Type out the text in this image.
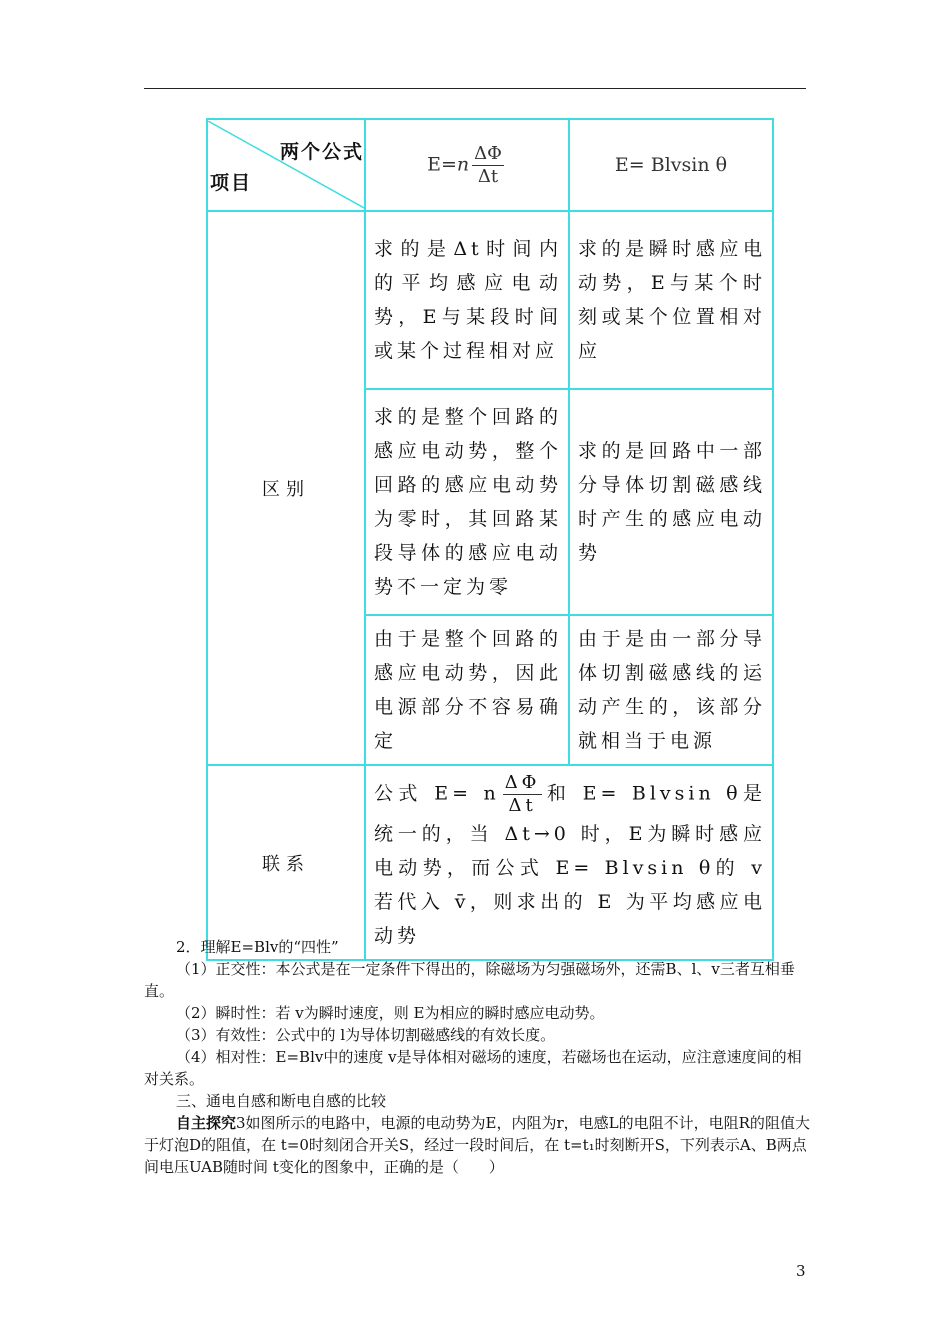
两个公式
项目	$E=n \frac{\Delta\Phi}{\Delta t}$	E= Blvsin θ
区别	求的是Δt时间内的平均感应电动势，E与某段时间或某个过程相对应	求的是瞬时感应电动势，E与某个时刻或某个位置相对应
	求的是整个回路的感应电动势，整个回路的感应电动势为零时，其回路某段导体的感应电动势不一定为零	求的是回路中一部分导体切割磁感线时产生的感应电动势
	由于是整个回路的感应电动势，因此电源部分不容易确定	由于是由一部分导体切割磁感线的运动产生的，该部分就相当于电源
联系	公式 E= n $\frac{\Delta\Phi}{\Delta t}$ 和 E= Blvsin θ是统一的，当 Δt→0 时，E为瞬时感应电动势，而公式 E= Blvsin θ的 v 若代入 v̄，则求出的 E 为平均感应电动势	
2．理解E=Blv的“四性”
（1）正交性：本公式是在一定条件下得出的，除磁场为匀强磁场外，还需B、l、v三者互相垂直。
（2）瞬时性：若 v为瞬时速度，则 E为相应的瞬时感应电动势。
（3）有效性：公式中的 l为导体切割磁感线的有效长度。
（4）相对性：E=Blv中的速度 v是导体相对磁场的速度，若磁场也在运动，应注意速度间的相对关系。
三、通电自感和断电自感的比较
自主探究3如图所示的电路中，电源的电动势为E，内阻为r，电感L的电阻不计，电阻R的阻值大于灯泡D的阻值，在 t=0时刻闭合开关S，经过一段时间后，在 t=t₁时刻断开S，下列表示A、B两点间电压UAB随时间 t变化的图象中，正确的是（　　）
3
